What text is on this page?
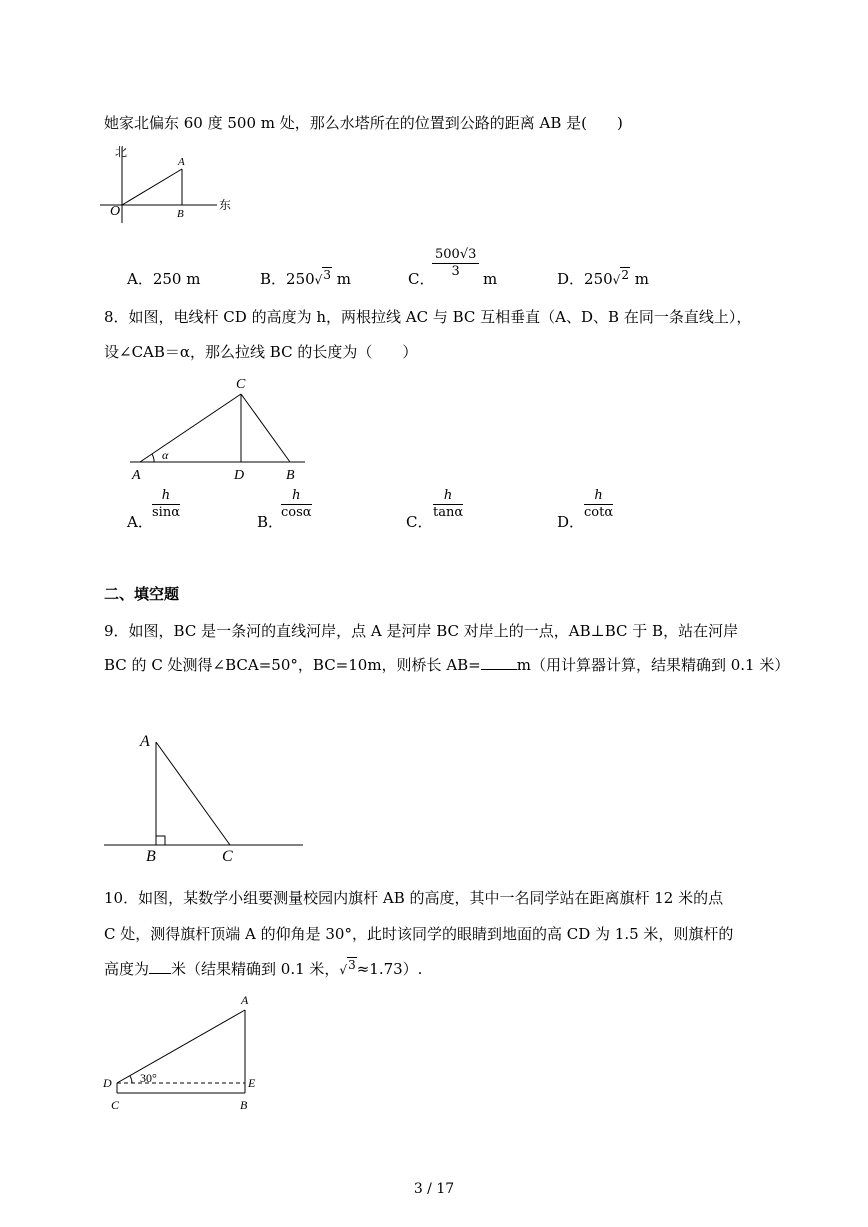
她家北偏东 60 度 500 m 处，那么水塔所在的位置到公路的距离 AB 是(　　)
北
东
O
A
B
A．250 m	B．250√$^3$ m	C．
$\frac{500√3}{3}$ m	D．250√$^2$ m
8．如图，电线杆 CD 的高度为 h，两根拉线 AC 与 BC 互相垂直（A、D、B 在同一条直线上），
设∠CAB＝α，那么拉线 BC 的长度为（　　）
C
A	D	B
α
A．
$\frac{h}{\sin\alpha}$
B．
$\frac{h}{\cos\alpha}$
C．
$\frac{h}{\tan\alpha}$
D．
$\frac{h}{\cot\alpha}$
二、填空题
9．如图，BC 是一条河的直线河岸，点 A 是河岸 BC 对岸上的一点，AB⊥BC 于 B，站在河岸
BC 的 C 处测得∠BCA=50°，BC=10m，则桥长 AB= m（用计算器计算，结果精确到 0.1 米）
A
B	C
10．如图，某数学小组要测量校园内旗杆 AB 的高度，其中一名同学站在距离旗杆 12 米的点
C 处，测得旗杆顶端 A 的仰角是 30°，此时该同学的眼睛到地面的高 CD 为 1.5 米，则旗杆的
高度为 米（结果精确到 0.1 米，√$^3$≈1.73）.
A
D	E
C	B
30°
3 / 17
